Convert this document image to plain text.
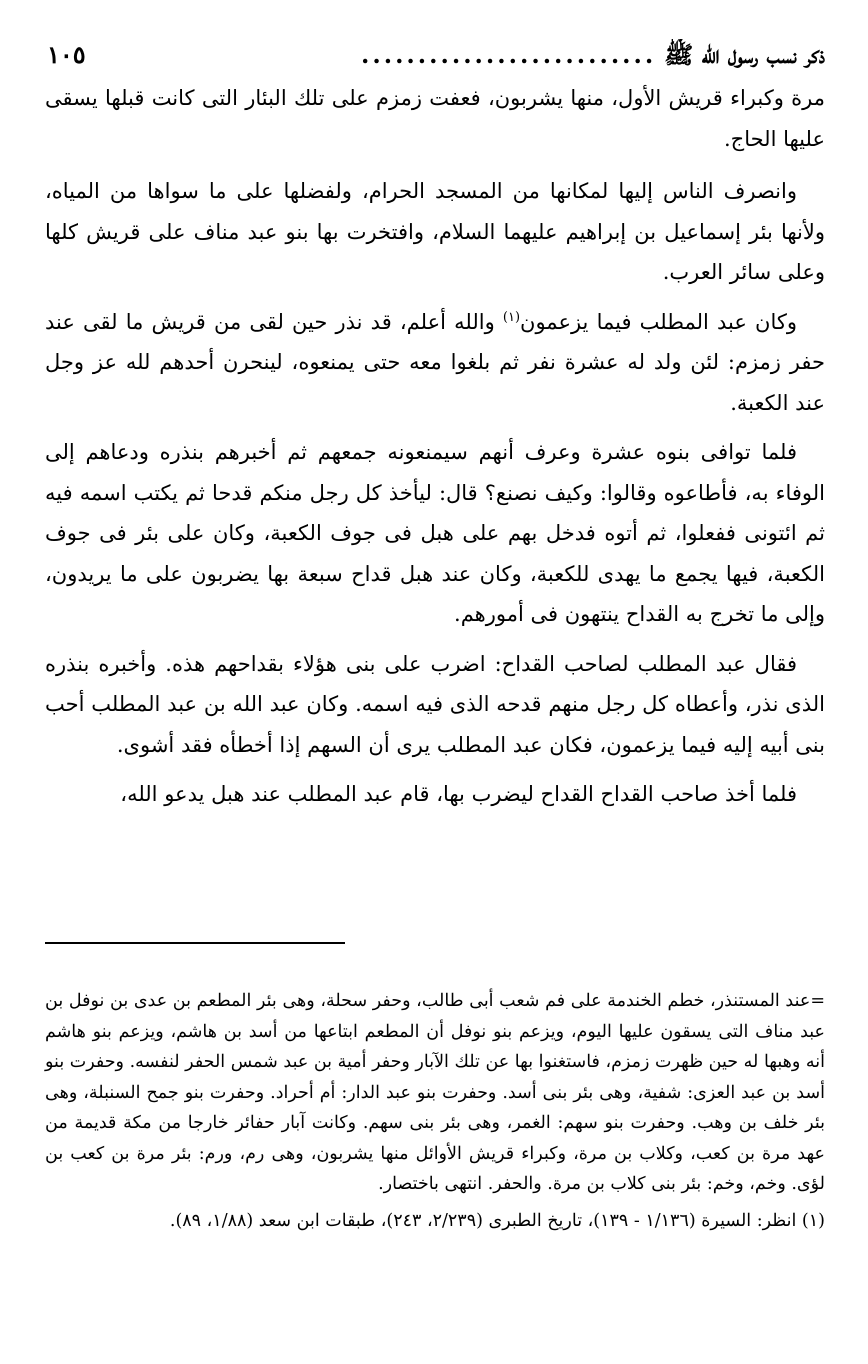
ذكر نسب رسول الله ﷺ
..........................
١٠٥

مرة وكبراء قريش الأول، منها يشربون، فعفت زمزم على تلك البئار التى كانت قبلها يسقى عليها الحاج.

وانصرف الناس إليها لمكانها من المسجد الحرام، ولفضلها على ما سواها من المياه، ولأنها بئر إسماعيل بن إبراهيم عليهما السلام، وافتخرت بها بنو عبد مناف على قريش كلها وعلى سائر العرب.

وكان عبد المطلب فيما يزعمون$^{(١)}$ والله أعلم، قد نذر حين لقى من قريش ما لقى عند حفر زمزم: لئن ولد له عشرة نفر ثم بلغوا معه حتى يمنعوه، لينحرن أحدهم لله عز وجل عند الكعبة.

فلما توافى بنوه عشرة وعرف أنهم سيمنعونه جمعهم ثم أخبرهم بنذره ودعاهم إلى الوفاء به، فأطاعوه وقالوا: وكيف نصنع؟ قال: ليأخذ كل رجل منكم قدحا ثم يكتب اسمه فيه ثم ائتونى ففعلوا، ثم أتوه فدخل بهم على هبل فى جوف الكعبة، وكان على بئر فى جوف الكعبة، فيها يجمع ما يهدى للكعبة، وكان عند هبل قداح سبعة بها يضربون على ما يريدون، وإلى ما تخرج به القداح ينتهون فى أمورهم.

فقال عبد المطلب لصاحب القداح: اضرب على بنى هؤلاء بقداحهم هذه. وأخبره بنذره الذى نذر، وأعطاه كل رجل منهم قدحه الذى فيه اسمه. وكان عبد الله بن عبد المطلب أحب بنى أبيه إليه فيما يزعمون، فكان عبد المطلب يرى أن السهم إذا أخطأه فقد أشوى.

فلما أخذ صاحب القداح القداح ليضرب بها، قام عبد المطلب عند هبل يدعو الله،

=عند المستنذر، خطم الخندمة على فم شعب أبى طالب، وحفر سحلة، وهى بئر المطعم بن عدى بن نوفل بن عبد مناف التى يسقون عليها اليوم، ويزعم بنو نوفل أن المطعم ابتاعها من أسد بن هاشم، ويزعم بنو هاشم أنه وهبها له حين ظهرت زمزم، فاستغنوا بها عن تلك الآبار وحفر أمية بن عبد شمس الحفر لنفسه. وحفرت بنو أسد بن عبد العزى: شفية، وهى بئر بنى أسد. وحفرت بنو عبد الدار: أم أحراد. وحفرت بنو جمح السنبلة، وهى بئر خلف بن وهب. وحفرت بنو سهم: الغمر، وهى بئر بنى سهم. وكانت آبار حفائر خارجا من مكة قديمة من عهد مرة بن كعب، وكلاب بن مرة، وكبراء قريش الأوائل منها يشربون، وهى رم، ورم: بئر مرة بن كعب بن لؤى. وخم، وخم: بئر بنى كلاب بن مرة. والحفر. انتهى باختصار.

(١) انظر: السيرة (١/١٣٦ - ١٣٩)، تاريخ الطبرى (٢/٢٣٩، ٢٤٣)، طبقات ابن سعد (١/٨٨، ٨٩).
